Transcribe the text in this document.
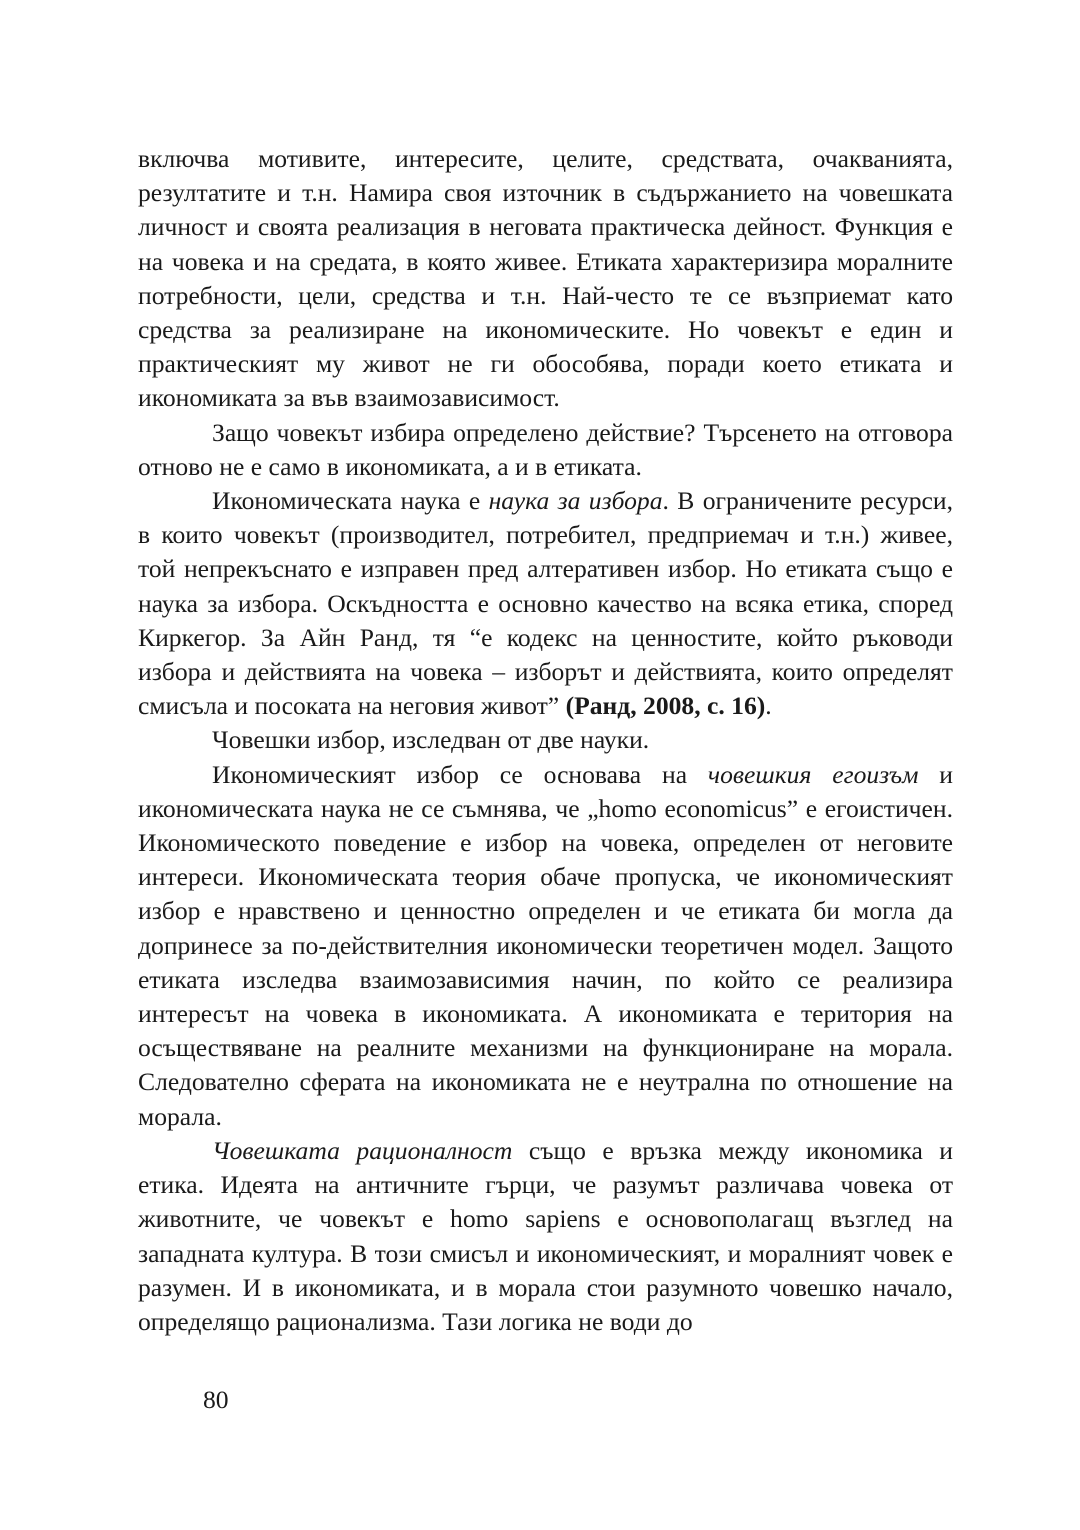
включва мотивите, интересите, целите, средствата, очакванията, резултатите и т.н. Намира своя източник в съдържанието на човешката личност и своята реализация в неговата практическа дейност. Функция е на човека и на средата, в която живее. Етиката характеризира моралните потребности, цели, средства и т.н. Най-често те се възприемат като средства за реализиране на икономическите. Но човекът е един и практическият му живот не ги обособява, поради което етиката и икономиката за във взаимозависимост.

Защо човекът избира определено действие? Търсенето на отговора отново не е само в икономиката, а и в етиката.

Икономическата наука е наука за избора. В ограничените ресурси, в които човекът (производител, потребител, предприемач и т.н.) живее, той непрекъснато е изправен пред алтеративен избор. Но етиката също е наука за избора. Оскъдността е основно качество на всяка етика, според Киркегор. За Айн Ранд, тя “е кодекс на ценностите, който ръководи избора и действията на човека – изборът и действията, които определят смисъла и посоката на неговия живот” (Ранд, 2008, с. 16).

Човешки избор, изследван от две науки.

Икономическият избор се основава на човешкия егоизъм и икономическата наука не се съмнява, че „homo economicus” е егоистичен. Икономическото поведение е избор на човека, определен от неговите интереси. Икономическата теория обаче пропуска, че икономическият избор е нравствено и ценностно определен и че етиката би могла да допринесе за по-действителния икономически теоретичен модел. Защото етиката изследва взаимозависимия начин, по който се реализира интересът на човека в икономиката. А икономиката е територия на осъществяване на реалните механизми на функциониране на морала. Следователно сферата на икономиката не е неутрална по отношение на морала.

Човешката рационалност също е връзка между икономика и етика. Идеята на античните гърци, че разумът различава човека от животните, че човекът е homo sapiens е основополагащ възглед на западната култура. В този смисъл и икономическият, и моралният човек е разумен. И в икономиката, и в морала стои разумното човешко начало, определящо рационализма. Тази логика не води до

80
